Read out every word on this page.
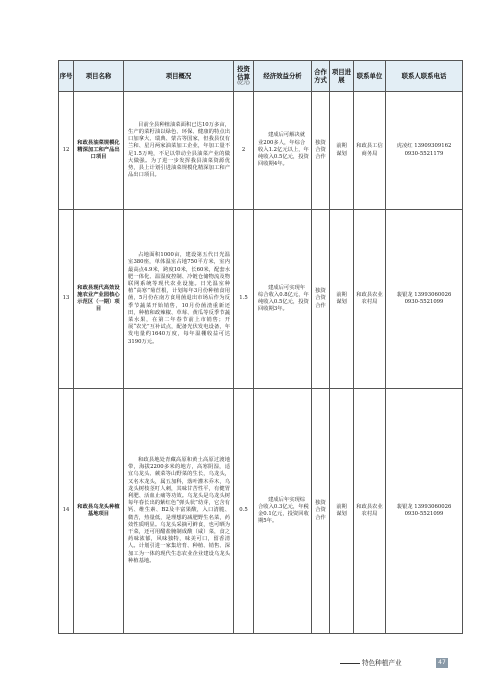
序号	项目名称	项目概况	投资估算
(亿元)	经济效益分析	合作方式	项目进展	联系单位	联系人联系电话
12	和政县油菜规模化精深加工和产品出口项目	目前全县种植油菜面积已达10万多亩，生产的菜籽油以绿色、环保、健康的特点出口加拿大、瑞典、蒙古等国家，但我县仅有兰和、星月两家油菜加工企业，年加工量不足1.5万吨，不足以带动全县油菜产业的做大做强。为了进一步发挥我县油菜资源优势，县上计划引进油菜规模化精深加工和产品出口项目。	2	建成后可解决就业200多人，年综合收入1.2亿元以上，年纯收入0.5亿元，投资回收期4年。	独资合资合作	前期谋划	和政县工信商务局	虎凌红 13909309162 0930-5521179
13	和政县现代高效设施农业产业园核心示范区（一期）项目	占地面积1000亩，建设第五代日光温室380座，单体温室占地750平方米，室内最高点4.9米，跨度10米，长60米，配套水肥一体化、温湿度控制、冷链仓储物流及物联网系统等现代农业设施。日光温室种植“高寒”菊苣根，计划每年3月份种植食用菌，5月份在南方食用菌退出市场后作为反季节蔬菜开始销售，10月份菌渣重新还田，种植和政辣椒、草莓、黄瓜等反季节蔬菜水果，在第二年春节前上市销售；开展“农光”互补试点，配备光伏发电设备，年发电量约1640万度，每年温棚收益可达3190万元。	1.5	建成后可实现年综合收入0.8亿元，年纯收入0.5亿元，投资回收期3年。	独资合资合作	前期谋划	和政县农业农村局	裴银龙 13993060026 0930-5521099
14	和政县乌龙头种植基地项目	和政县地处青藏高原和黄土高原过渡地带，海拔2200多米的地方，高寒阴湿，适宜乌龙头、蕨菜等山野菜的生长，乌龙头，又名木龙头，属五加科，落叶灌木乔木，乌龙头树枝茎叮人刺，其味甘苦性平，有健胃利肥、活血止痛等功效。乌龙头是乌龙头树每年春长出的紫红色“弹头状”幼芽，它含有钙、维生素、B2及丰富果酸，入口清脆、微苦，热量低，是理想的减肥野生名菜，药效性质明显。乌龙头采摘可鲜食，也可晒为干菜，还可用醋盐腌制成酸（咸）菜，食之药味浓郁，风味独特，味美可口，留香清人。计划引进一家集培育、种植、销售、深加工为一体的现代生态农业企业建设乌龙头种植基地。	0.5	建成后年实现综合收入0.3亿元，年税金0.1亿元，投资回收期5年。	独资合资合作	前期谋划	和政县农业农村局	裴银龙 13993060026 0930-5521099
特色种植产业	47
